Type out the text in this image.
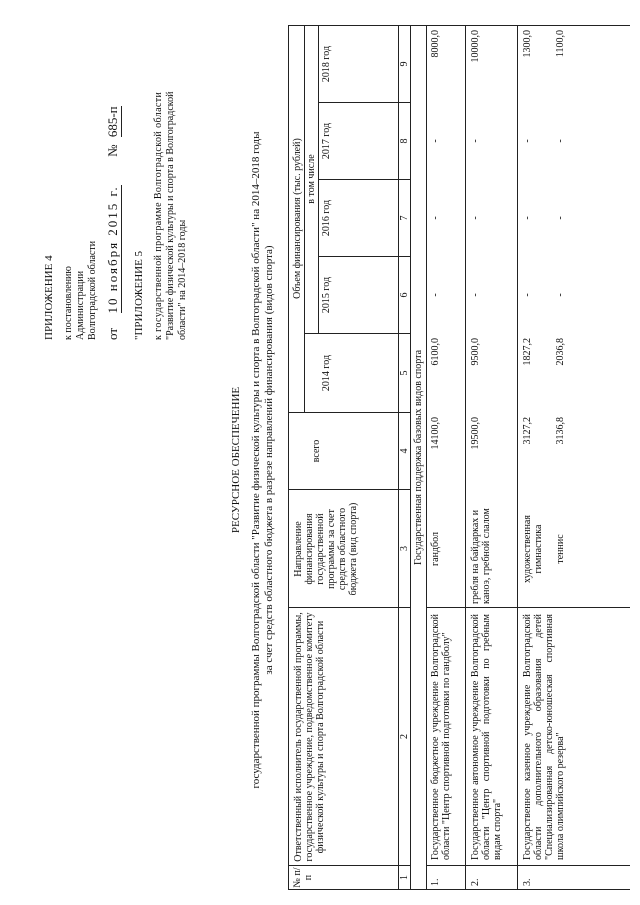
ПРИЛОЖЕНИЕ 4 к постановлению Администрации Волгоградской области от  10 ноября 2015 г.  № 685-п
"ПРИЛОЖЕНИЕ 5 к государственной программе Волгоградской области "Развитие физической культуры и спорта в Волгоградской области" на 2014–2018 годы
РЕСУРСНОЕ ОБЕСПЕЧЕНИЕ государственной программы Волгоградской области "Развитие физической культуры и спорта в Волгоградской области" на 2014–2018 годы за счет средств областного бюджета в разрезе направлений финансирования (видов спорта)
№ п/п
Ответственный исполнитель государственной программы, государственное учреждение, подведомственное комитету физической культуры и спорта Волгоградской области
Направление финансирования государственной программы за счет средств областного бюджета (вид спорта)
Объем финансирования (тыс. рублей)
всего
в том числе
2014 год
2015 год
2016 год
2017 год
2018 год
1
2
3
4
5
6
7
8
9
Государственная поддержка базовых видов спорта
1.
Государственное бюджетное учреждение Волгоградской области "Центр спортивной подготовки по гандболу"
гандбол
14100,0
6100,0
-
-
-
8000,0
2.
Государственное автономное учреждение Волгоградской области "Центр спортивной подготовки по гребным видам спорта"
гребля на байдарках и каноэ, гребной слалом
19500,0
9500,0
-
-
-
10000,0
3.
Государственное казенное учреждение Волгоградской области дополнительного образования детей "Специализированная детско-юношеская спортивная школа олимпийского резерва"
художественная гимнастика
3127,2
1827,2
-
-
-
1300,0
теннис
3136,8
2036,8
-
-
-
1100,0
